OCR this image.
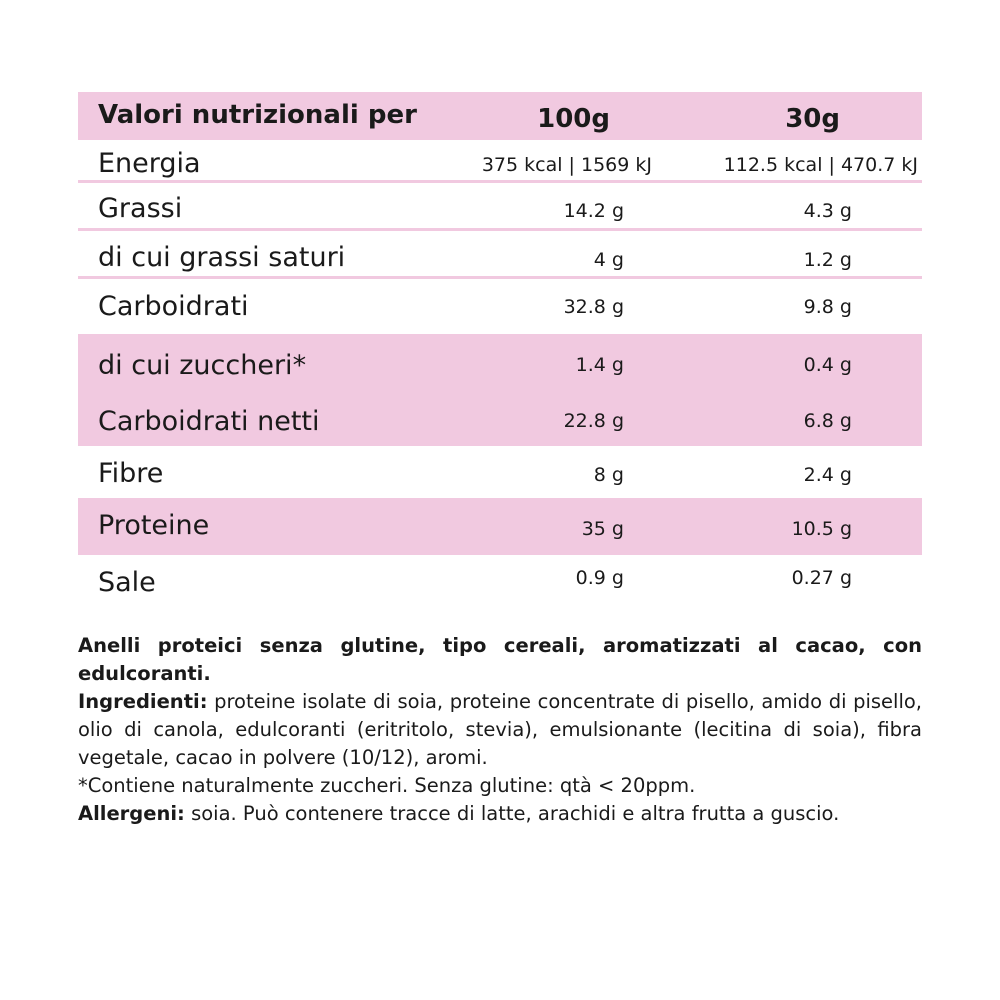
Valori nutrizionali per	100g	30g
Energia	375 kcal | 1569 kJ	112.5 kcal | 470.7 kJ
Grassi	14.2 g	4.3 g
di cui grassi saturi	4 g	1.2 g
Carboidrati	32.8 g	9.8 g
di cui zuccheri*	1.4 g	0.4 g
Carboidrati netti	22.8 g	6.8 g
Fibre	8 g	2.4 g
Proteine	35 g	10.5 g
Sale	0.9 g	0.27 g

Anelli proteici senza glutine, tipo cereali, aromatizzati al cacao, con edulcoranti.

Ingredienti: proteine isolate di soia, proteine concentrate di pisello, amido di pisello, olio di canola, edulcoranti (eritritolo, stevia), emulsionante (lecitina di soia), fibra vegetale, cacao in polvere (10/12), aromi.

*Contiene naturalmente zuccheri. Senza glutine: qtà < 20ppm.

Allergeni: soia. Può contenere tracce di latte, arachidi e altra frutta a guscio.
